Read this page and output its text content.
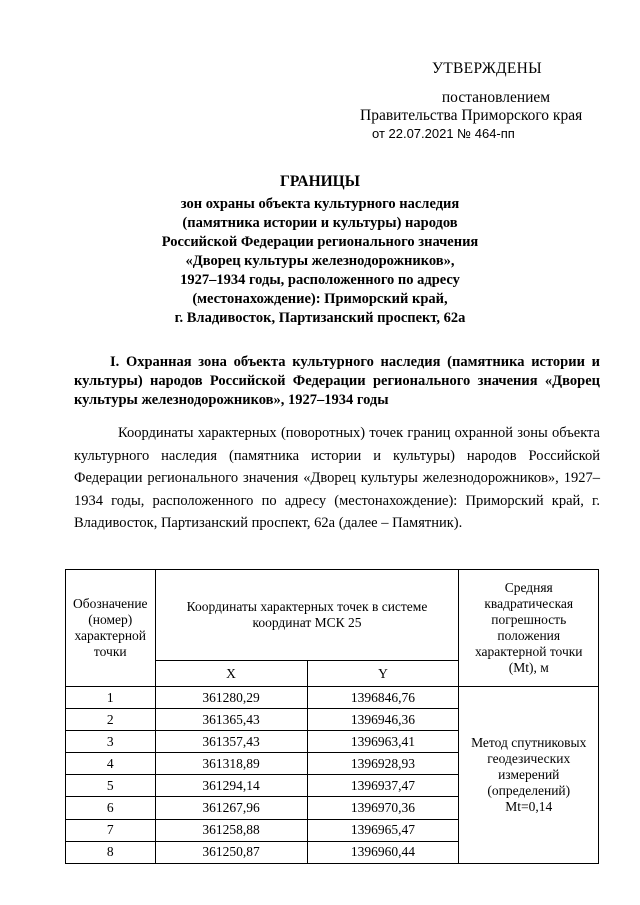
УТВЕРЖДЕНЫ
постановлением
Правительства Приморского края
от 22.07.2021 № 464-пп
ГРАНИЦЫ
зон охраны объекта культурного наследия
(памятника истории и культуры) народов
Российской Федерации регионального значения
«Дворец культуры железнодорожников»,
1927–1934 годы, расположенного по адресу
(местонахождение): Приморский край,
г. Владивосток, Партизанский проспект, 62а
I. Охранная зона объекта культурного наследия (памятника истории и культуры) народов Российской Федерации регионального значения «Дворец культуры железнодорожников», 1927–1934 годы
Координаты характерных (поворотных) точек границ охранной зоны объекта культурного наследия (памятника истории и культуры) народов Российской Федерации регионального значения «Дворец культуры железнодорожников», 1927–1934 годы, расположенного по адресу (местонахождение): Приморский край, г. Владивосток, Партизанский проспект, 62а (далее – Памятник).
Обозначение (номер) характерной точки	Координаты характерных точек в системе координат МСК 25		Средняя квадратическая погрешность положения характерной точки (Mt), м
	X	Y	
1	361280,29	1396846,76	Метод спутниковых геодезических измерений (определений) Mt=0,14
2	361365,43	1396946,36	
3	361357,43	1396963,41	
4	361318,89	1396928,93	
5	361294,14	1396937,47	
6	361267,96	1396970,36	
7	361258,88	1396965,47	
8	361250,87	1396960,44	
